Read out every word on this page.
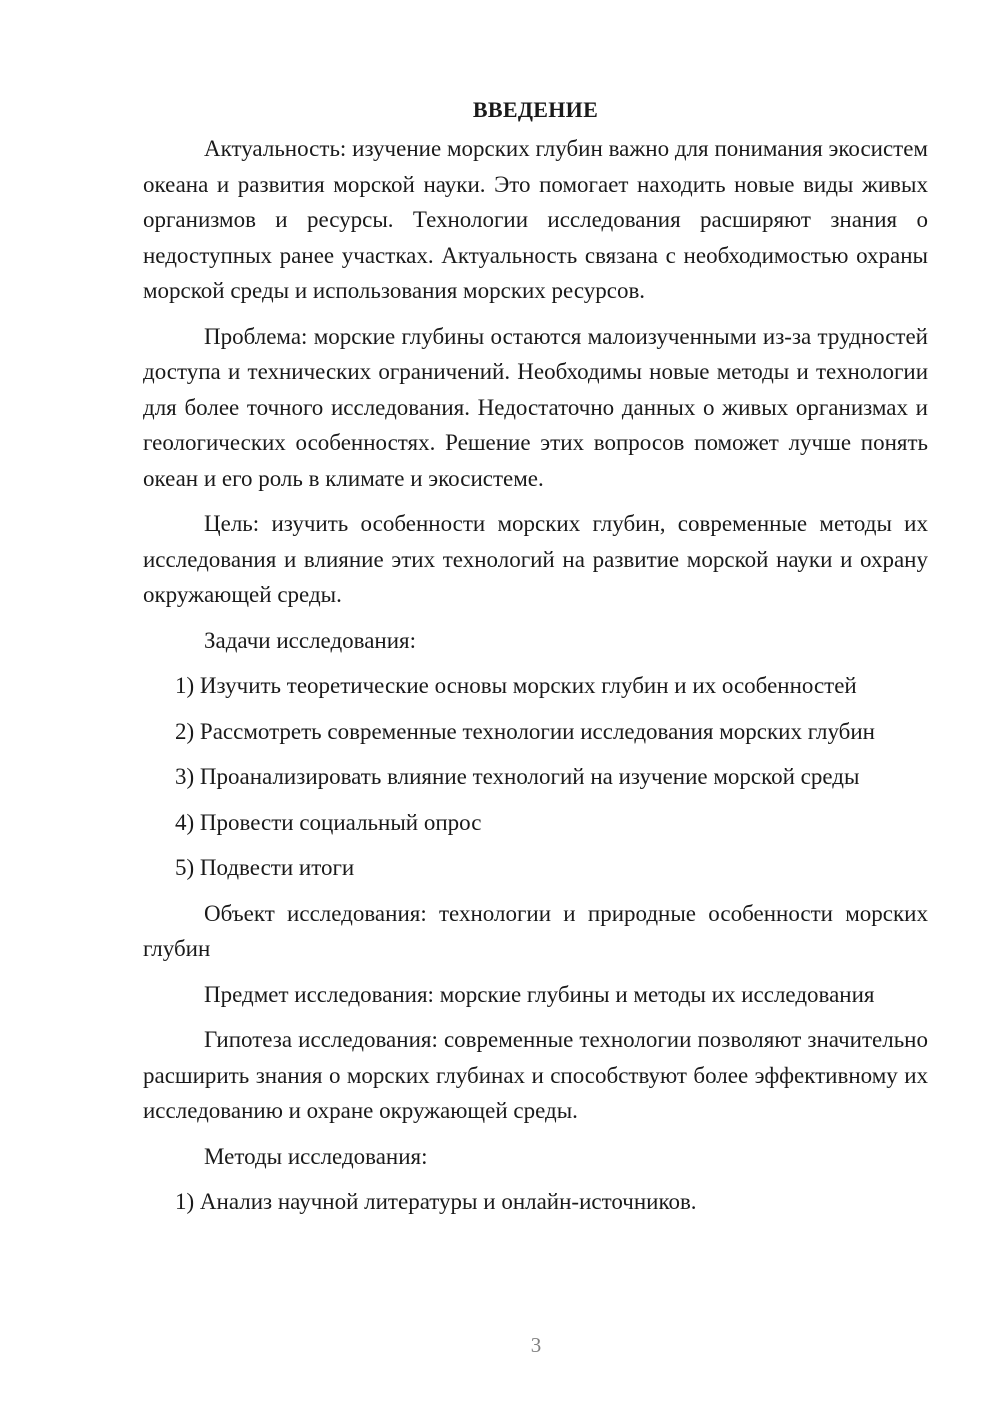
ВВЕДЕНИЕ

Актуальность: изучение морских глубин важно для понимания экосистем океана и развития морской науки. Это помогает находить новые виды живых организмов и ресурсы. Технологии исследования расширяют знания о недоступных ранее участках. Актуальность связана с необходимостью охраны морской среды и использования морских ресурсов.

Проблема: морские глубины остаются малоизученными из-за трудностей доступа и технических ограничений. Необходимы новые методы и технологии для более точного исследования. Недостаточно данных о живых организмах и геологических особенностях. Решение этих вопросов поможет лучше понять океан и его роль в климате и экосистеме.

Цель: изучить особенности морских глубин, современные методы их исследования и влияние этих технологий на развитие морской науки и охрану окружающей среды.

Задачи исследования:

1) Изучить теоретические основы морских глубин и их особенностей

2) Рассмотреть современные технологии исследования морских глубин

3) Проанализировать влияние технологий на изучение морской среды

4) Провести социальный опрос

5) Подвести итоги

Объект исследования: технологии и природные особенности морских глубин

Предмет исследования: морские глубины и методы их исследования

Гипотеза исследования: современные технологии позволяют значительно расширить знания о морских глубинах и способствуют более эффективному их исследованию и охране окружающей среды.

Методы исследования:

1) Анализ научной литературы и онлайн-источников.

3
